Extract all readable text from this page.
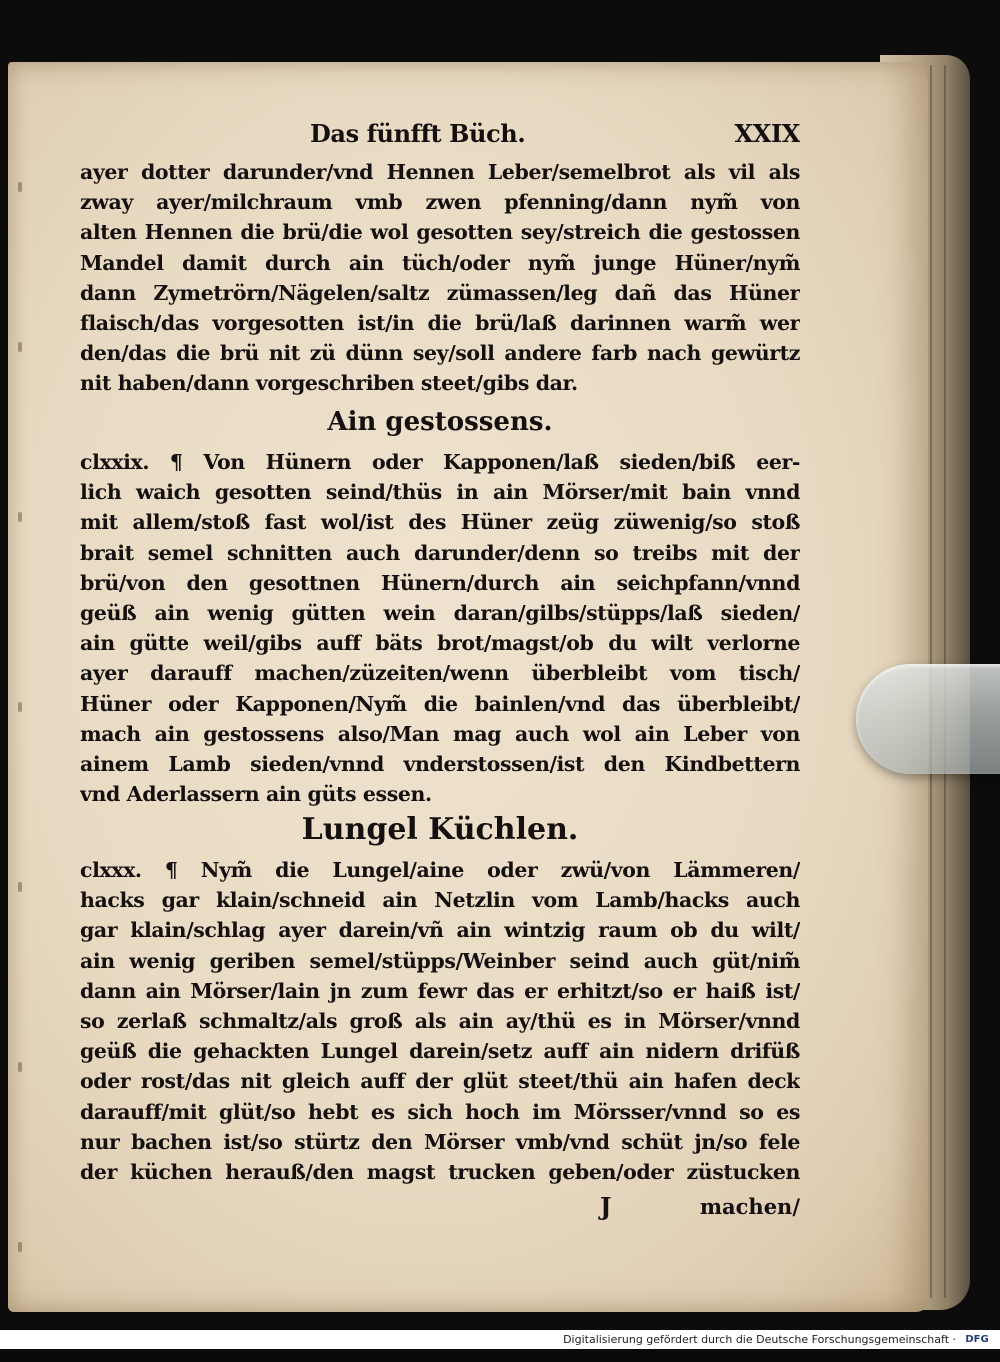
Das fünfft Büch.	XXIX
ayer dotter darunder/vnd Hennen Leber/semelbrot als vil als
zway ayer/milchraum vmb zwen pfenning/dann nym̃ von
alten Hennen die brü/die wol gesotten sey/streich die gestossen
Mandel damit durch ain tüch/oder nym̃ junge Hüner/nym̃
dann Zymetrörn/Nägelen/saltz zümassen/leg dañ das Hüner
flaisch/das vorgesotten ist/in die brü/laß darinnen warm̃ wer
den/das die brü nit zü dünn sey/soll andere farb nach gewürtz
nit haben/dann vorgeschriben steet/gibs dar.
Ain gestossens.
clxxix. ¶ Von Hünern oder Kapponen/laß sieden/biß eer-
lich waich gesotten seind/thüs in ain Mörser/mit bain vnnd
mit allem/stoß fast wol/ist des Hüner zeüg züwenig/so stoß
brait semel schnitten auch darunder/denn so treibs mit der
brü/von den gesottnen Hünern/durch ain seichpfann/vnnd
geüß ain wenig gütten wein daran/gilbs/stüpps/laß sieden/
ain gütte weil/gibs auff bäts brot/magst/ob du wilt verlorne
ayer darauff machen/züzeiten/wenn überbleibt vom tisch/
Hüner oder Kapponen/Nym̃ die bainlen/vnd das überbleibt/
mach ain gestossens also/Man mag auch wol ain Leber von
ainem Lamb sieden/vnnd vnderstossen/ist den Kindbettern
vnd Aderlassern ain güts essen.
Lungel Küchlen.
clxxx. ¶ Nym̃ die Lungel/aine oder zwü/von Lämmeren/
hacks gar klain/schneid ain Netzlin vom Lamb/hacks auch
gar klain/schlag ayer darein/vñ ain wintzig raum ob du wilt/
ain wenig geriben semel/stüpps/Weinber seind auch güt/nim̃
dann ain Mörser/lain jn zum fewr das er erhitzt/so er haiß ist/
so zerlaß schmaltz/als groß als ain ay/thü es in Mörser/vnnd
geüß die gehackten Lungel darein/setz auff ain nidern drifüß
oder rost/das nit gleich auff der glüt steet/thü ain hafen deck
darauff/mit glüt/so hebt es sich hoch im Mörsser/vnnd so es
nur bachen ist/so stürtz den Mörser vmb/vnd schüt jn/so fele
der küchen herauß/den magst trucken geben/oder züstucken
J	machen/
Digitalisierung gefördert durch die Deutsche Forschungsgemeinschaft · DFG
